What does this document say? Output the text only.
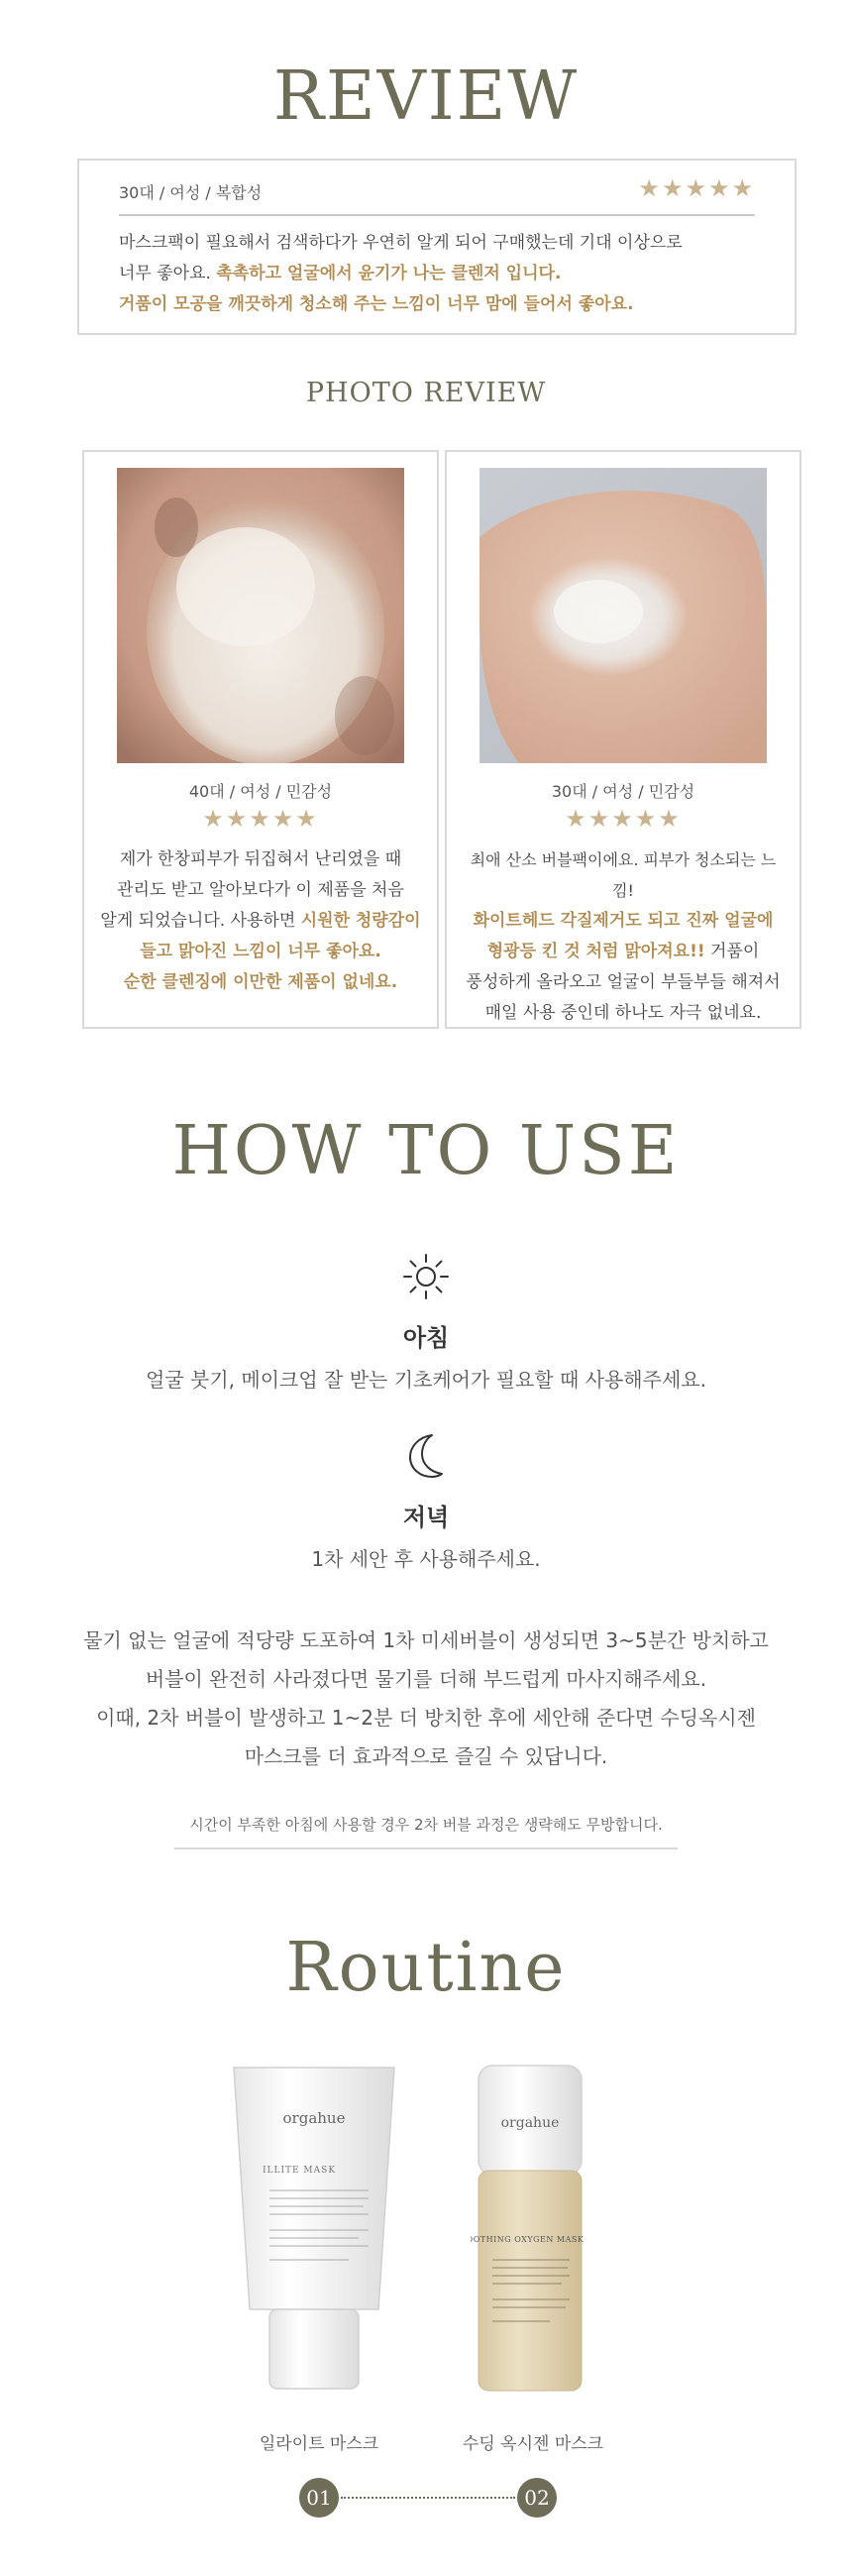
REVIEW
30대 / 여성 / 복합성	★★★★★
마스크팩이 필요해서 검색하다가 우연히 알게 되어 구매했는데 기대 이상으로
너무 좋아요. 촉촉하고 얼굴에서 윤기가 나는 클렌저 입니다.
거품이 모공을 깨끗하게 청소해 주는 느낌이 너무 맘에 들어서 좋아요.
PHOTO REVIEW
40대 / 여성 / 민감성
★★★★★
제가 한창피부가 뒤집혀서 난리였을 때
관리도 받고 알아보다가 이 제품을 처음
알게 되었습니다. 사용하면 시원한 청량감이
들고 맑아진 느낌이 너무 좋아요.
순한 클렌징에 이만한 제품이 없네요.
30대 / 여성 / 민감성
★★★★★
최애 산소 버블팩이에요. 피부가 청소되는 느낌!
화이트헤드 각질제거도 되고 진짜 얼굴에
형광등 킨 것 처럼 맑아져요!! 거품이
풍성하게 올라오고 얼굴이 부들부들 해져서
매일 사용 중인데 하나도 자극 없네요.
HOW TO USE
아침
얼굴 붓기, 메이크업 잘 받는 기초케어가 필요할 때 사용해주세요.
저녁
1차 세안 후 사용해주세요.
물기 없는 얼굴에 적당량 도포하여 1차 미세버블이 생성되면 3~5분간 방치하고
버블이 완전히 사라졌다면 물기를 더해 부드럽게 마사지해주세요.
이때, 2차 버블이 발생하고 1~2분 더 방치한 후에 세안해 준다면 수딩옥시젠
마스크를 더 효과적으로 즐길 수 있답니다.
시간이 부족한 아침에 사용할 경우 2차 버블 과정은 생략해도 무방합니다.
Routine
orgahue
ILLITE MASK
orgahue
SOOTHING OXYGEN MASK
일라이트 마스크	수딩 옥시젠 마스크
01	02
